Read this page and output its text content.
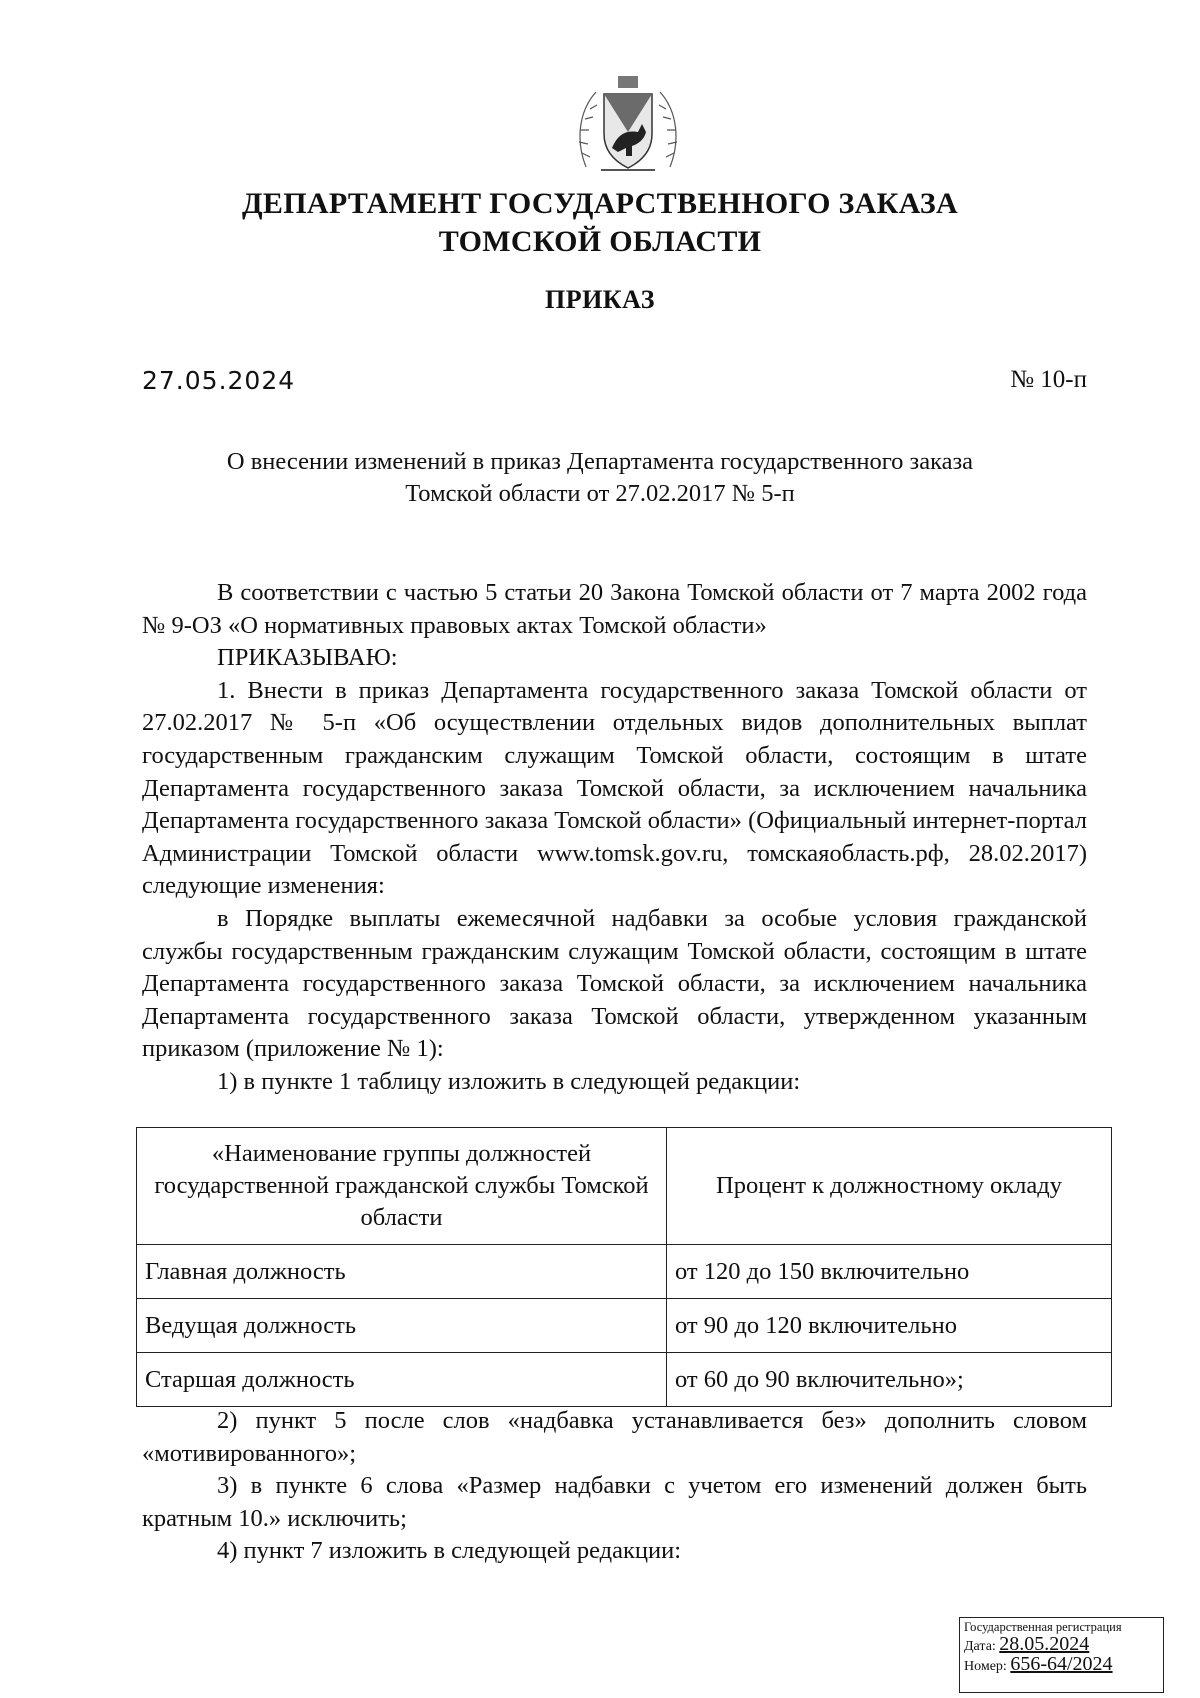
ДЕПАРТАМЕНТ ГОСУДАРСТВЕННОГО ЗАКАЗА
ТОМСКОЙ ОБЛАСТИ
ПРИКАЗ
27.05.2024	№ 10-п
О внесении изменений в приказ Департамента государственного заказа
Томской области от 27.02.2017 № 5-п

В соответствии с частью 5 статьи 20 Закона Томской области от 7 марта 2002 года № 9-ОЗ «О нормативных правовых актах Томской области»

ПРИКАЗЫВАЮ:

1. Внести в приказ Департамента государственного заказа Томской области от 27.02.2017 № 5-п «Об осуществлении отдельных видов дополнительных выплат государственным гражданским служащим Томской области, состоящим в штате Департамента государственного заказа Томской области, за исключением начальника Департамента государственного заказа Томской области» (Официальный интернет-портал Администрации Томской области www.tomsk.gov.ru, томскаяобласть.рф, 28.02.2017) следующие изменения:

в Порядке выплаты ежемесячной надбавки за особые условия гражданской службы государственным гражданским служащим Томской области, состоящим в штате Департамента государственного заказа Томской области, за исключением начальника Департамента государственного заказа Томской области, утвержденном указанным приказом (приложение № 1):

1) в пункте 1 таблицу изложить в следующей редакции:

«Наименование группы должностей государственной гражданской службы Томской области	Процент к должностному окладу
Главная должность	от 120 до 150 включительно
Ведущая должность	от 90 до 120 включительно
Старшая должность	от 60 до 90 включительно»;

2) пункт 5 после слов «надбавка устанавливается без» дополнить словом «мотивированного»;

3) в пункте 6 слова «Размер надбавки с учетом его изменений должен быть кратным 10.» исключить;

4) пункт 7 изложить в следующей редакции:

Государственная регистрация
Дата: 28.05.2024
Номер: 656-64/2024
